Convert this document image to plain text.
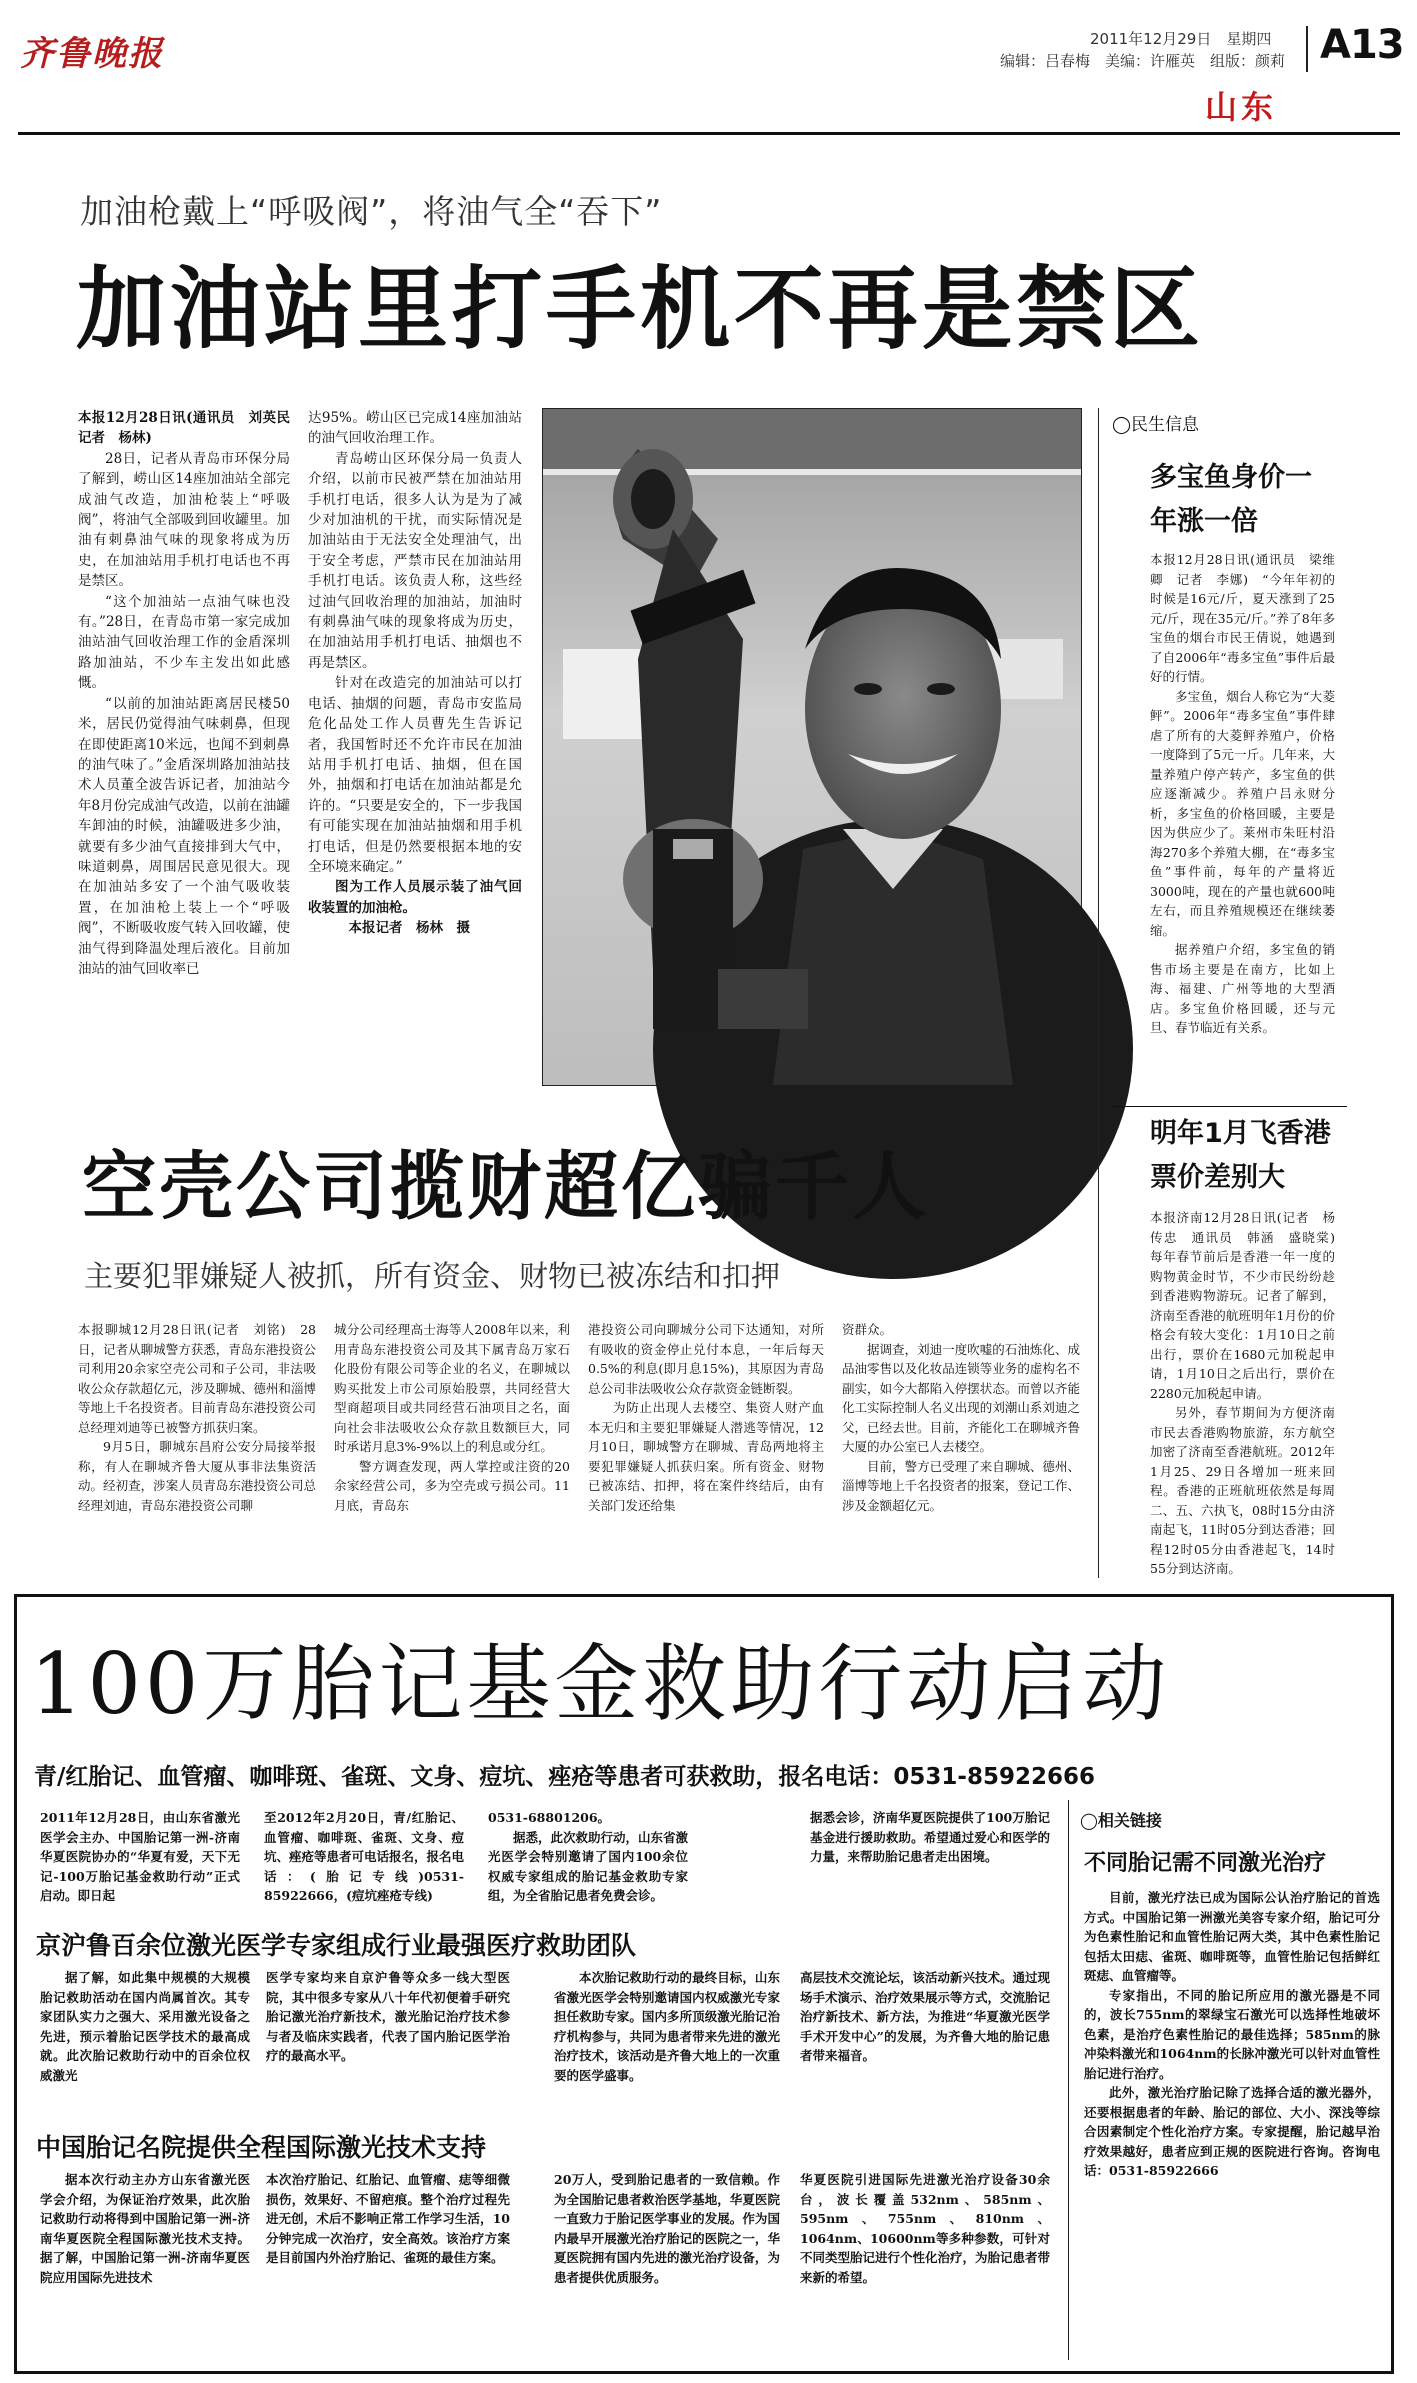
齐鲁晚报	2011年12月29日　星期四
编辑：吕春梅　美编：许雁英　组版：颜莉 A13
山东
加油枪戴上“呼吸阀”，将油气全“吞下”
加油站里打手机不再是禁区

本报12月28日讯(通讯员　刘英民　记者　杨林)

28日，记者从青岛市环保分局了解到，崂山区14座加油站全部完成油气改造，加油枪装上“呼吸阀”，将油气全部吸到回收罐里。加油有刺鼻油气味的现象将成为历史，在加油站用手机打电话也不再是禁区。

“这个加油站一点油气味也没有。”28日，在青岛市第一家完成加油站油气回收治理工作的金盾深圳路加油站，不少车主发出如此感慨。

“以前的加油站距离居民楼50米，居民仍觉得油气味刺鼻，但现在即使距离10米远，也闻不到刺鼻的油气味了。”金盾深圳路加油站技术人员董全波告诉记者，加油站今年8月份完成油气改造，以前在油罐车卸油的时候，油罐吸进多少油，就要有多少油气直接排到大气中，味道刺鼻，周围居民意见很大。现在加油站多安了一个油气吸收装置，在加油枪上装上一个“呼吸阀”，不断吸收废气转入回收罐，使油气得到降温处理后液化。目前加油站的油气回收率已

达95%。崂山区已完成14座加油站的油气回收治理工作。

青岛崂山区环保分局一负责人介绍，以前市民被严禁在加油站用手机打电话，很多人认为是为了减少对加油机的干扰，而实际情况是加油站由于无法安全处理油气，出于安全考虑，严禁市民在加油站用手机打电话。该负责人称，这些经过油气回收治理的加油站，加油时有刺鼻油气味的现象将成为历史，在加油站用手机打电话、抽烟也不再是禁区。

针对在改造完的加油站可以打电话、抽烟的问题，青岛市安监局危化品处工作人员曹先生告诉记者，我国暂时还不允许市民在加油站用手机打电话、抽烟，但在国外，抽烟和打电话在加油站都是允许的。“只要是安全的，下一步我国有可能实现在加油站抽烟和用手机打电话，但是仍然要根据本地的安全环境来确定。”

图为工作人员展示装了油气回收装置的加油枪。

本报记者　杨林　摄

◯民生信息
多宝鱼身价一年涨一倍

本报12月28日讯(通讯员　梁维卿　记者　李娜)　“今年年初的时候是16元/斤，夏天涨到了25元/斤，现在35元/斤。”养了8年多宝鱼的烟台市民王倩说，她遇到了自2006年“毒多宝鱼”事件后最好的行情。

多宝鱼，烟台人称它为“大菱鲆”。2006年“毒多宝鱼”事件肆虐了所有的大菱鲆养殖户，价格一度降到了5元一斤。几年来，大量养殖户停产转产，多宝鱼的供应逐渐减少。养殖户吕永财分析，多宝鱼的价格回暖，主要是因为供应少了。莱州市朱旺村沿海270多个养殖大棚，在“毒多宝鱼”事件前，每年的产量将近3000吨，现在的产量也就600吨左右，而且养殖规模还在继续萎缩。

据养殖户介绍，多宝鱼的销售市场主要是在南方，比如上海、福建、广州等地的大型酒店。多宝鱼价格回暖，还与元旦、春节临近有关系。

明年1月飞香港票价差别大

本报济南12月28日讯(记者　杨传忠　通讯员　韩涵　盛晓棠)　每年春节前后是香港一年一度的购物黄金时节，不少市民纷纷趁到香港购物游玩。记者了解到，济南至香港的航班明年1月份的价格会有较大变化：1月10日之前出行，票价在1680元加税起申请，1月10日之后出行，票价在2280元加税起申请。

另外，春节期间为方便济南市民去香港购物旅游，东方航空加密了济南至香港航班。2012年1月25、29日各增加一班来回程。香港的正班航班依然是每周二、五、六执飞，08时15分由济南起飞，11时05分到达香港；回程12时05分由香港起飞，14时55分到达济南。

空壳公司揽财超亿骗千人
主要犯罪嫌疑人被抓，所有资金、财物已被冻结和扣押

本报聊城12月28日讯(记者　刘铭)　28日，记者从聊城警方获悉，青岛东港投资公司利用20余家空壳公司和子公司，非法吸收公众存款超亿元，涉及聊城、德州和淄博等地上千名投资者。目前青岛东港投资公司总经理刘迪等已被警方抓获归案。

9月5日，聊城东昌府公安分局接举报称，有人在聊城齐鲁大厦从事非法集资活动。经初查，涉案人员青岛东港投资公司总经理刘迪，青岛东港投资公司聊

城分公司经理高士海等人2008年以来，利用青岛东港投资公司及其下属青岛万家石化股份有限公司等企业的名义，在聊城以购买批发上市公司原始股票，共同经营大型商超项目或共同经营石油项目之名，面向社会非法吸收公众存款且数额巨大，同时承诺月息3%-9%以上的利息或分红。

警方调查发现，两人掌控或注资的20余家经营公司，多为空壳或亏损公司。11月底，青岛东

港投资公司向聊城分公司下达通知，对所有吸收的资金停止兑付本息，一年后每天0.5%的利息(即月息15%)，其原因为青岛总公司非法吸收公众存款资金链断裂。

为防止出现人去楼空、集资人财产血本无归和主要犯罪嫌疑人潜逃等情况，12月10日，聊城警方在聊城、青岛两地将主要犯罪嫌疑人抓获归案。所有资金、财物已被冻结、扣押，将在案件终结后，由有关部门发还给集

资群众。

据调查，刘迪一度吹嘘的石油炼化、成品油零售以及化妆品连锁等业务的虚构名不副实，如今大都陷入停摆状态。而曾以齐能化工实际控制人名义出现的刘潮山系刘迪之父，已经去世。目前，齐能化工在聊城齐鲁大厦的办公室已人去楼空。

目前，警方已受理了来自聊城、德州、淄博等地上千名投资者的报案，登记工作、涉及金额超亿元。

100万胎记基金救助行动启动
青/红胎记、血管瘤、咖啡斑、雀斑、文身、痘坑、痤疮等患者可获救助，报名电话：0531-85922666

2011年12月28日，由山东省激光医学会主办、中国胎记第一洲-济南华夏医院协办的“华夏有爱，天下无记-100万胎记基金救助行动”正式启动。即日起

至2012年2月20日，青/红胎记、血管瘤、咖啡斑、雀斑、文身、痘坑、痤疮等患者可电话报名，报名电话：(胎记专线)0531-85922666，(痘坑痤疮专线)

0531-68801206。

据悉，此次救助行动，山东省激光医学会特别邀请了国内100余位权威专家组成的胎记基金救助专家组，为全省胎记患者免费会诊。

据悉会诊，济南华夏医院提供了100万胎记基金进行援助救助。希望通过爱心和医学的力量，来帮助胎记患者走出困境。

京沪鲁百余位激光医学专家组成行业最强医疗救助团队

据了解，如此集中规模的大规模胎记救助活动在国内尚属首次。其专家团队实力之强大、采用激光设备之先进，预示着胎记医学技术的最高成就。此次胎记救助行动中的百余位权威激光

医学专家均来自京沪鲁等众多一线大型医院，其中很多专家从八十年代初便着手研究胎记激光治疗新技术，激光胎记治疗技术参与者及临床实践者，代表了国内胎记医学治疗的最高水平。

本次胎记救助行动的最终目标，山东省激光医学会特别邀请国内权威激光专家担任救助专家。国内多所顶级激光胎记治疗机构参与，共同为患者带来先进的激光治疗技术，该活动是齐鲁大地上的一次重要的医学盛事。

高层技术交流论坛，该活动新兴技术。通过现场手术演示、治疗效果展示等方式，交流胎记治疗新技术、新方法，为推进“华夏激光医学手术开发中心”的发展，为齐鲁大地的胎记患者带来福音。

中国胎记名院提供全程国际激光技术支持

据本次行动主办方山东省激光医学会介绍，为保证治疗效果，此次胎记救助行动将得到中国胎记第一洲-济南华夏医院全程国际激光技术支持。据了解，中国胎记第一洲-济南华夏医院应用国际先进技术

本次治疗胎记、红胎记、血管瘤、痣等细微损伤，效果好、不留疤痕。整个治疗过程先进无创，术后不影响正常工作学习生活，10分钟完成一次治疗，安全高效。该治疗方案是目前国内外治疗胎记、雀斑的最佳方案。

20万人，受到胎记患者的一致信赖。作为全国胎记患者救治医学基地，华夏医院一直致力于胎记医学事业的发展。作为国内最早开展激光治疗胎记的医院之一，华夏医院拥有国内先进的激光治疗设备，为患者提供优质服务。

华夏医院引进国际先进激光治疗设备30余台，波长覆盖532nm、585nm、595nm、755nm、810nm、1064nm、10600nm等多种参数，可针对不同类型胎记进行个性化治疗，为胎记患者带来新的希望。

◯相关链接
不同胎记需不同激光治疗

目前，激光疗法已成为国际公认治疗胎记的首选方式。中国胎记第一洲激光美容专家介绍，胎记可分为色素性胎记和血管性胎记两大类，其中色素性胎记包括太田痣、雀斑、咖啡斑等，血管性胎记包括鲜红斑痣、血管瘤等。

专家指出，不同的胎记所应用的激光器是不同的，波长755nm的翠绿宝石激光可以选择性地破坏色素，是治疗色素性胎记的最佳选择；585nm的脉冲染料激光和1064nm的长脉冲激光可以针对血管性胎记进行治疗。

此外，激光治疗胎记除了选择合适的激光器外，还要根据患者的年龄、胎记的部位、大小、深浅等综合因素制定个性化治疗方案。专家提醒，胎记越早治疗效果越好，患者应到正规的医院进行咨询。咨询电话：0531-85922666
